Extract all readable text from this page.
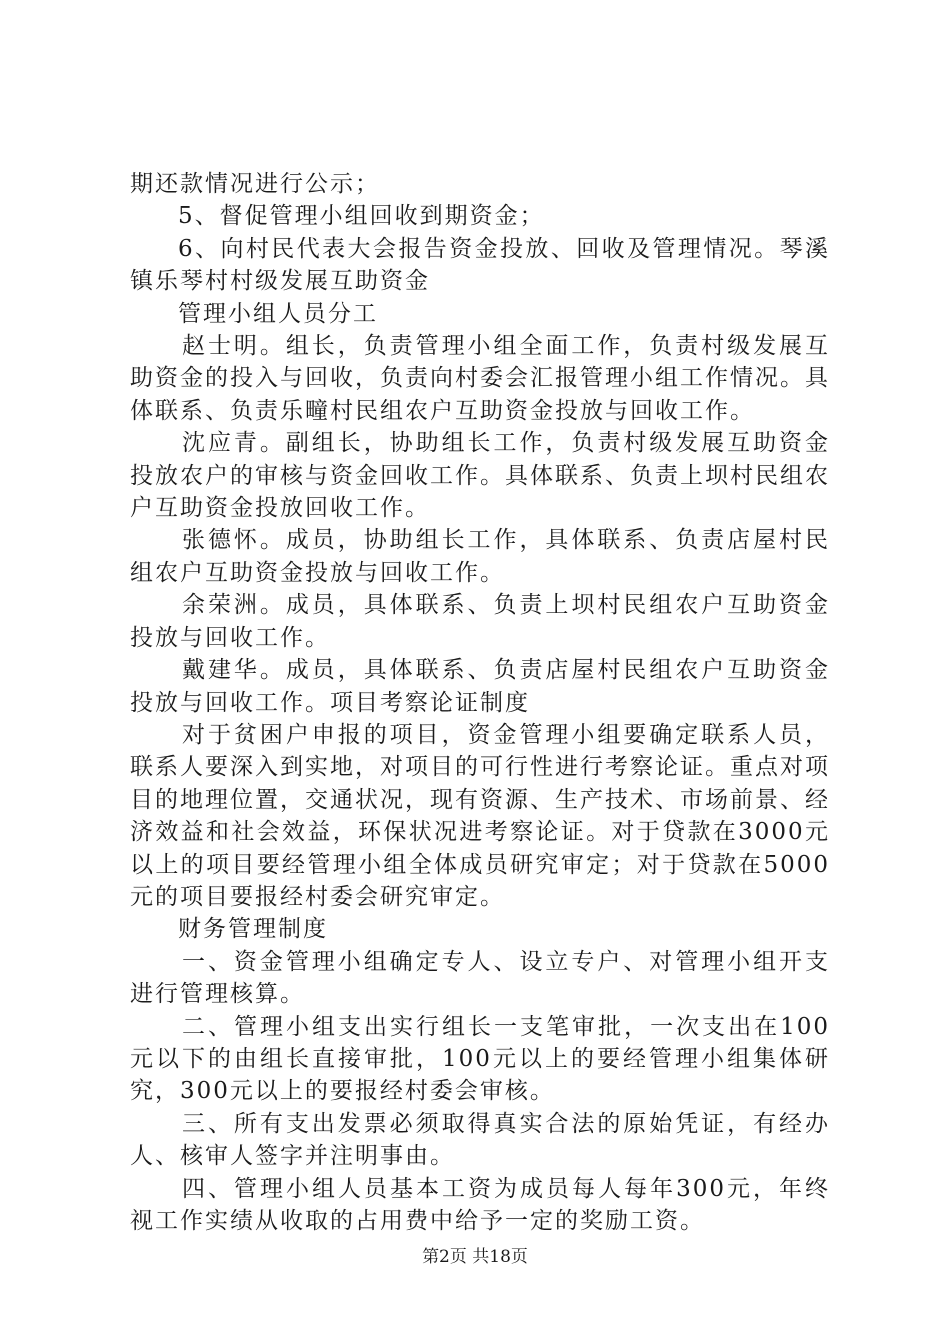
期还款情况进行公示；

5、督促管理小组回收到期资金；

6、向村民代表大会报告资金投放、回收及管理情况。琴溪镇乐琴村村级发展互助资金

管理小组人员分工

赵士明。组长，负责管理小组全面工作，负责村级发展互助资金的投入与回收，负责向村委会汇报管理小组工作情况。具体联系、负责乐疃村民组农户互助资金投放与回收工作。

沈应青。副组长，协助组长工作，负责村级发展互助资金投放农户的审核与资金回收工作。具体联系、负责上坝村民组农户互助资金投放回收工作。

张德怀。成员，协助组长工作，具体联系、负责店屋村民组农户互助资金投放与回收工作。

余荣洲。成员，具体联系、负责上坝村民组农户互助资金投放与回收工作。

戴建华。成员，具体联系、负责店屋村民组农户互助资金投放与回收工作。项目考察论证制度

对于贫困户申报的项目，资金管理小组要确定联系人员，联系人要深入到实地，对项目的可行性进行考察论证。重点对项目的地理位置，交通状况，现有资源、生产技术、市场前景、经济效益和社会效益，环保状况进考察论证。对于贷款在3000元以上的项目要经管理小组全体成员研究审定；对于贷款在5000元的项目要报经村委会研究审定。

财务管理制度

一、资金管理小组确定专人、设立专户、对管理小组开支进行管理核算。

二、管理小组支出实行组长一支笔审批，一次支出在100元以下的由组长直接审批，100元以上的要经管理小组集体研究，300元以上的要报经村委会审核。

三、所有支出发票必须取得真实合法的原始凭证，有经办人、核审人签字并注明事由。

四、管理小组人员基本工资为成员每人每年300元，年终视工作实绩从收取的占用费中给予一定的奖励工资。

第2页 共18页
